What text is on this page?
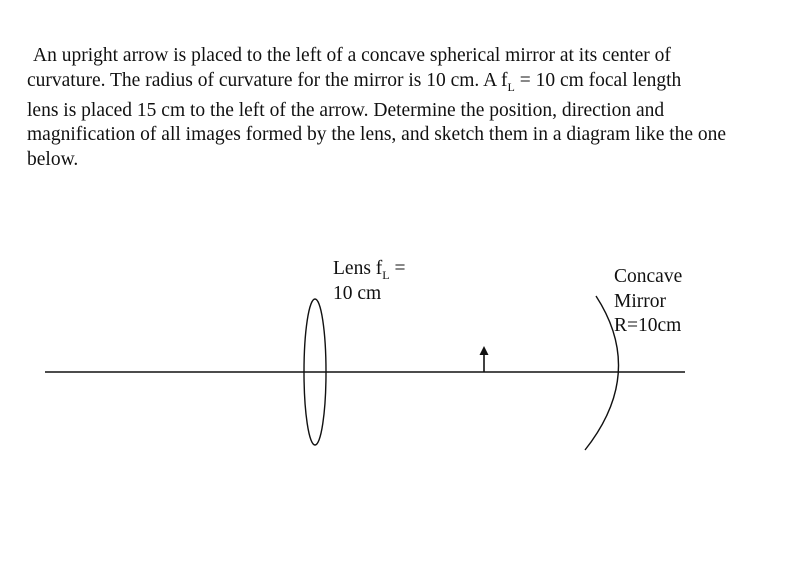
An upright arrow is placed to the left of a concave spherical mirror at its center of
curvature. The radius of curvature for the mirror is 10 cm. A $f_L = 10$ cm focal length
lens is placed 15 cm to the left of the arrow. Determine the position, direction and
magnification of all images formed by the lens, and sketch them in a diagram like the one
below.

Lens $f_L$ =
10 cm
Concave
Mirror
R=10cm
